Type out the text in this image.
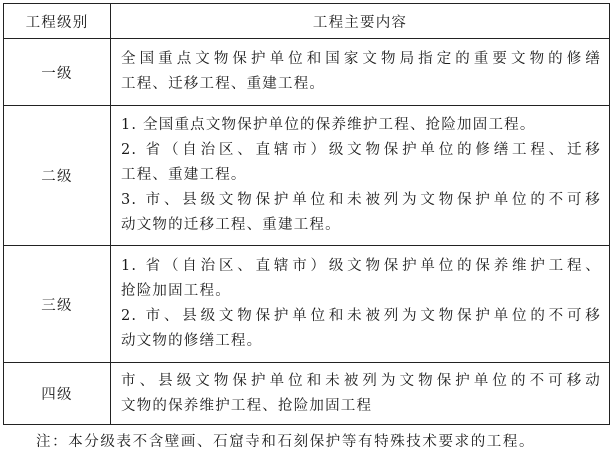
工程级别	工程主要内容
一级	全国重点文物保护单位和国家文物局指定的重要文物的修缮
工程、迁移工程、重建工程。

二级	1. 全国重点文物保护单位的保养维护工程、抢险加固工程。
2. 省（自治区、直辖市）级文物保护单位的修缮工程、迁移
工程、重建工程。
3. 市、县级文物保护单位和未被列为文物保护单位的不可移
动文物的迁移工程、重建工程。

三级	1. 省（自治区、直辖市）级文物保护单位的保养维护工程、
抢险加固工程。
2. 市、县级文物保护单位和未被列为文物保护单位的不可移
动文物的修缮工程。

四级	市、县级文物保护单位和未被列为文物保护单位的不可移动
文物的保养维护工程、抢险加固工程
注：本分级表不含壁画、石窟寺和石刻保护等有特殊技术要求的工程。
